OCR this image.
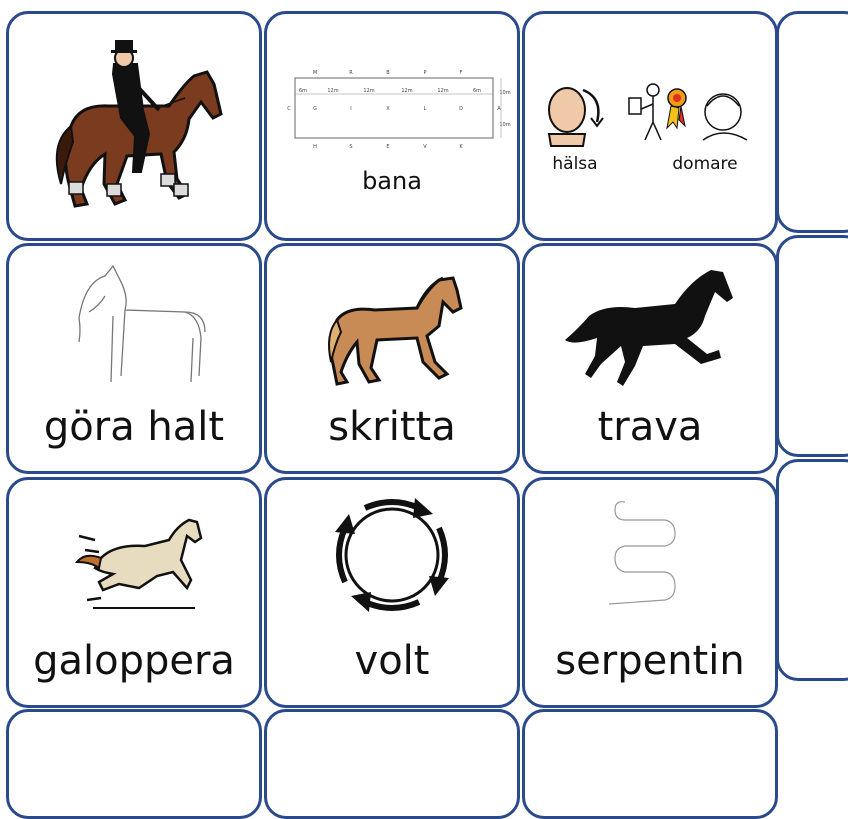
M	R	B	P	F
H	S	E	V	K
C	G	I	X	L	D	A
6m	12m	12m	12m	12m	6m	10m
10m
bana
hälsa	domare
göra halt	skritta	trava
galoppera	volt	serpentin
